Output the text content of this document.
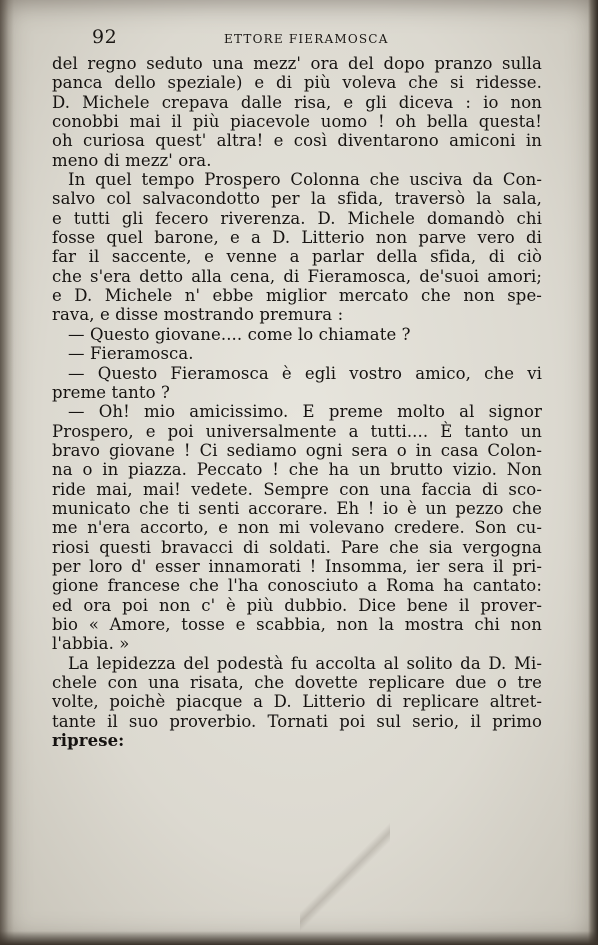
92	ETTORE FIERAMOSCA
del regno seduto una mezz' ora del dopo pranzo sulla
panca dello speziale) e di più voleva che si ridesse.
D. Michele crepava dalle risa, e gli diceva : io non
conobbi mai il più piacevole uomo ! oh bella questa!
oh curiosa quest' altra! e così diventarono amiconi in
meno di mezz' ora.
In quel tempo Prospero Colonna che usciva da Con-
salvo col salvacondotto per la sfida, traversò la sala,
e tutti gli fecero riverenza. D. Michele domandò chi
fosse quel barone, e a D. Litterio non parve vero di
far il saccente, e venne a parlar della sfida, di ciò
che s'era detto alla cena, di Fieramosca, de'suoi amori;
e D. Michele n' ebbe miglior mercato che non spe-
rava, e disse mostrando premura :
— Questo giovane.... come lo chiamate ?
— Fieramosca.
— Questo Fieramosca è egli vostro amico, che vi
preme tanto ?
— Oh! mio amicissimo. E preme molto al signor
Prospero, e poi universalmente a tutti.... È tanto un
bravo giovane ! Ci sediamo ogni sera o in casa Colon-
na o in piazza. Peccato ! che ha un brutto vizio. Non
ride mai, mai! vedete. Sempre con una faccia di sco-
municato che ti senti accorare. Eh ! io è un pezzo che
me n'era accorto, e non mi volevano credere. Son cu-
riosi questi bravacci di soldati. Pare che sia vergogna
per loro d' esser innamorati ! Insomma, ier sera il pri-
gione francese che l'ha conosciuto a Roma ha cantato:
ed ora poi non c' è più dubbio. Dice bene il prover-
bio « Amore, tosse e scabbia, non la mostra chi non
l'abbia. »
La lepidezza del podestà fu accolta al solito da D. Mi-
chele con una risata, che dovette replicare due o tre
volte, poichè piacque a D. Litterio di replicare altret-
tante il suo proverbio. Tornati poi sul serio, il primo
riprese:
